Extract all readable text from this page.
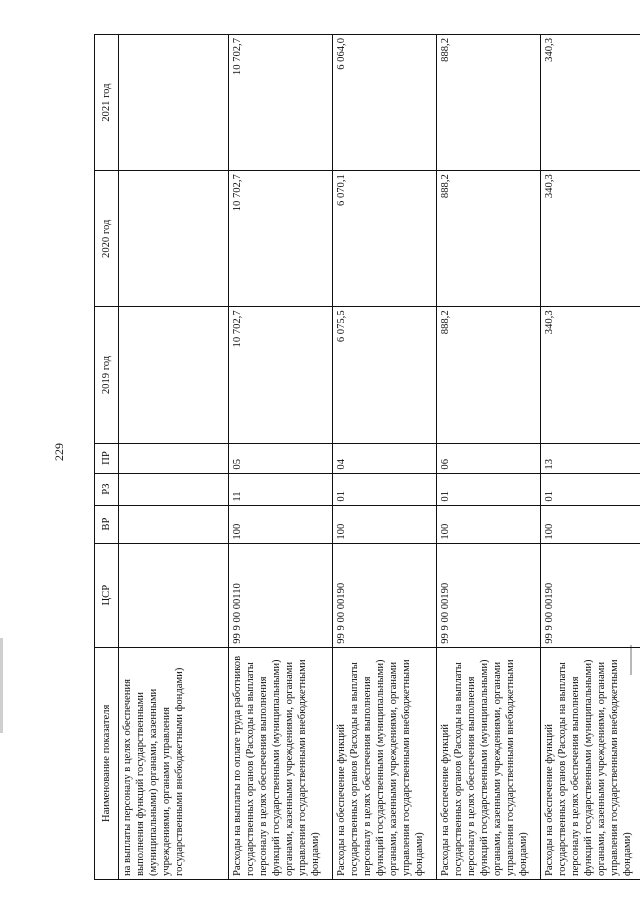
229
Наименование показателя	ЦСР	ВР	РЗ	ПР	2019 год	2020 год	2021 год
на выплаты персоналу в целях обеспечения выполнения функций государственными (муниципальными) органами, казенными учреждениями, органами управления государственными внебюджетными фондами)							
Расходы на выплаты по оплате труда работников государственных органов (Расходы на выплаты персоналу в целях обеспечения выполнения функций государственными (муниципальными) органами, казенными учреждениями, органами управления государственными внебюджетными фондами)	99 9 00 00110	100	11	05	10 702,7	10 702,7	10 702,7
Расходы на обеспечение функций государственных органов (Расходы на выплаты персоналу в целях обеспечения выполнения функций государственными (муниципальными) органами, казенными учреждениями, органами управления государственными внебюджетными фондами)	99 9 00 00190	100	01	04	6 075,5	6 070,1	6 064,0
Расходы на обеспечение функций государственных органов (Расходы на выплаты персоналу в целях обеспечения выполнения функций государственными (муниципальными) органами, казенными учреждениями, органами управления государственными внебюджетными фондами)	99 9 00 00190	100	01	06	888,2	888,2	888,2
Расходы на обеспечение функций государственных органов (Расходы на выплаты персоналу в целях обеспечения выполнения функций государственными (муниципальными) органами, казенными учреждениями, органами управления государственными внебюджетными фондами)	99 9 00 00190	100	01	13	340,3	340,3	340,3
